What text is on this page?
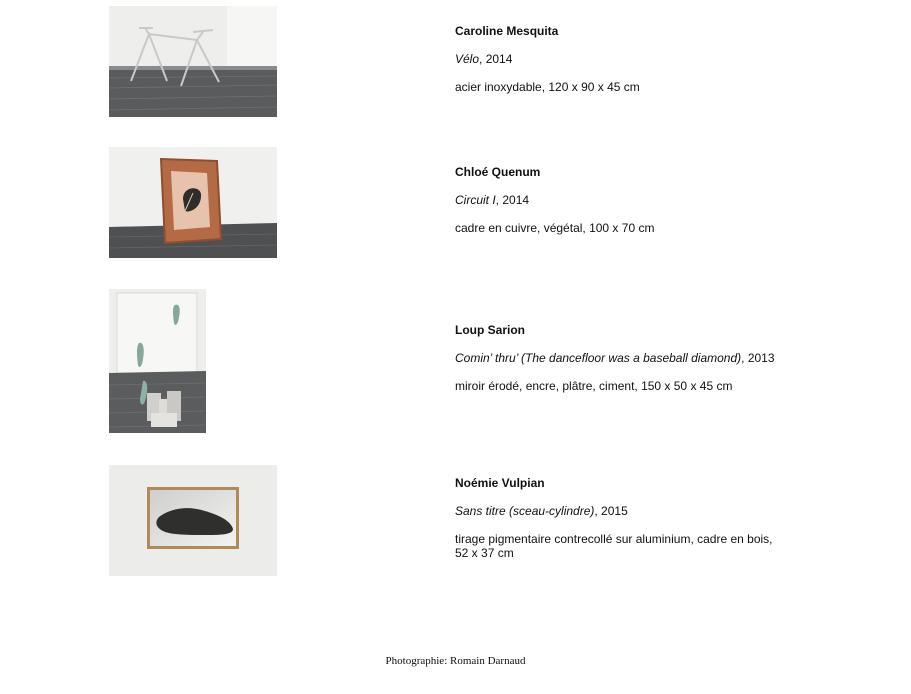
Caroline Mesquita
Vélo, 2014
acier inoxydable, 120 x 90 x 45 cm
Chloé Quenum
Circuit I, 2014
cadre en cuivre, végétal, 100 x 70 cm
Loup Sarion
Comin’ thru’ (The dancefloor was a baseball diamond), 2013
miroir érodé, encre, plâtre, ciment, 150 x 50 x 45 cm
Noémie Vulpian
Sans titre (sceau-cylindre), 2015
tirage pigmentaire contrecollé sur aluminium, cadre en bois, 52 x 37 cm
Photographie: Romain Darnaud
